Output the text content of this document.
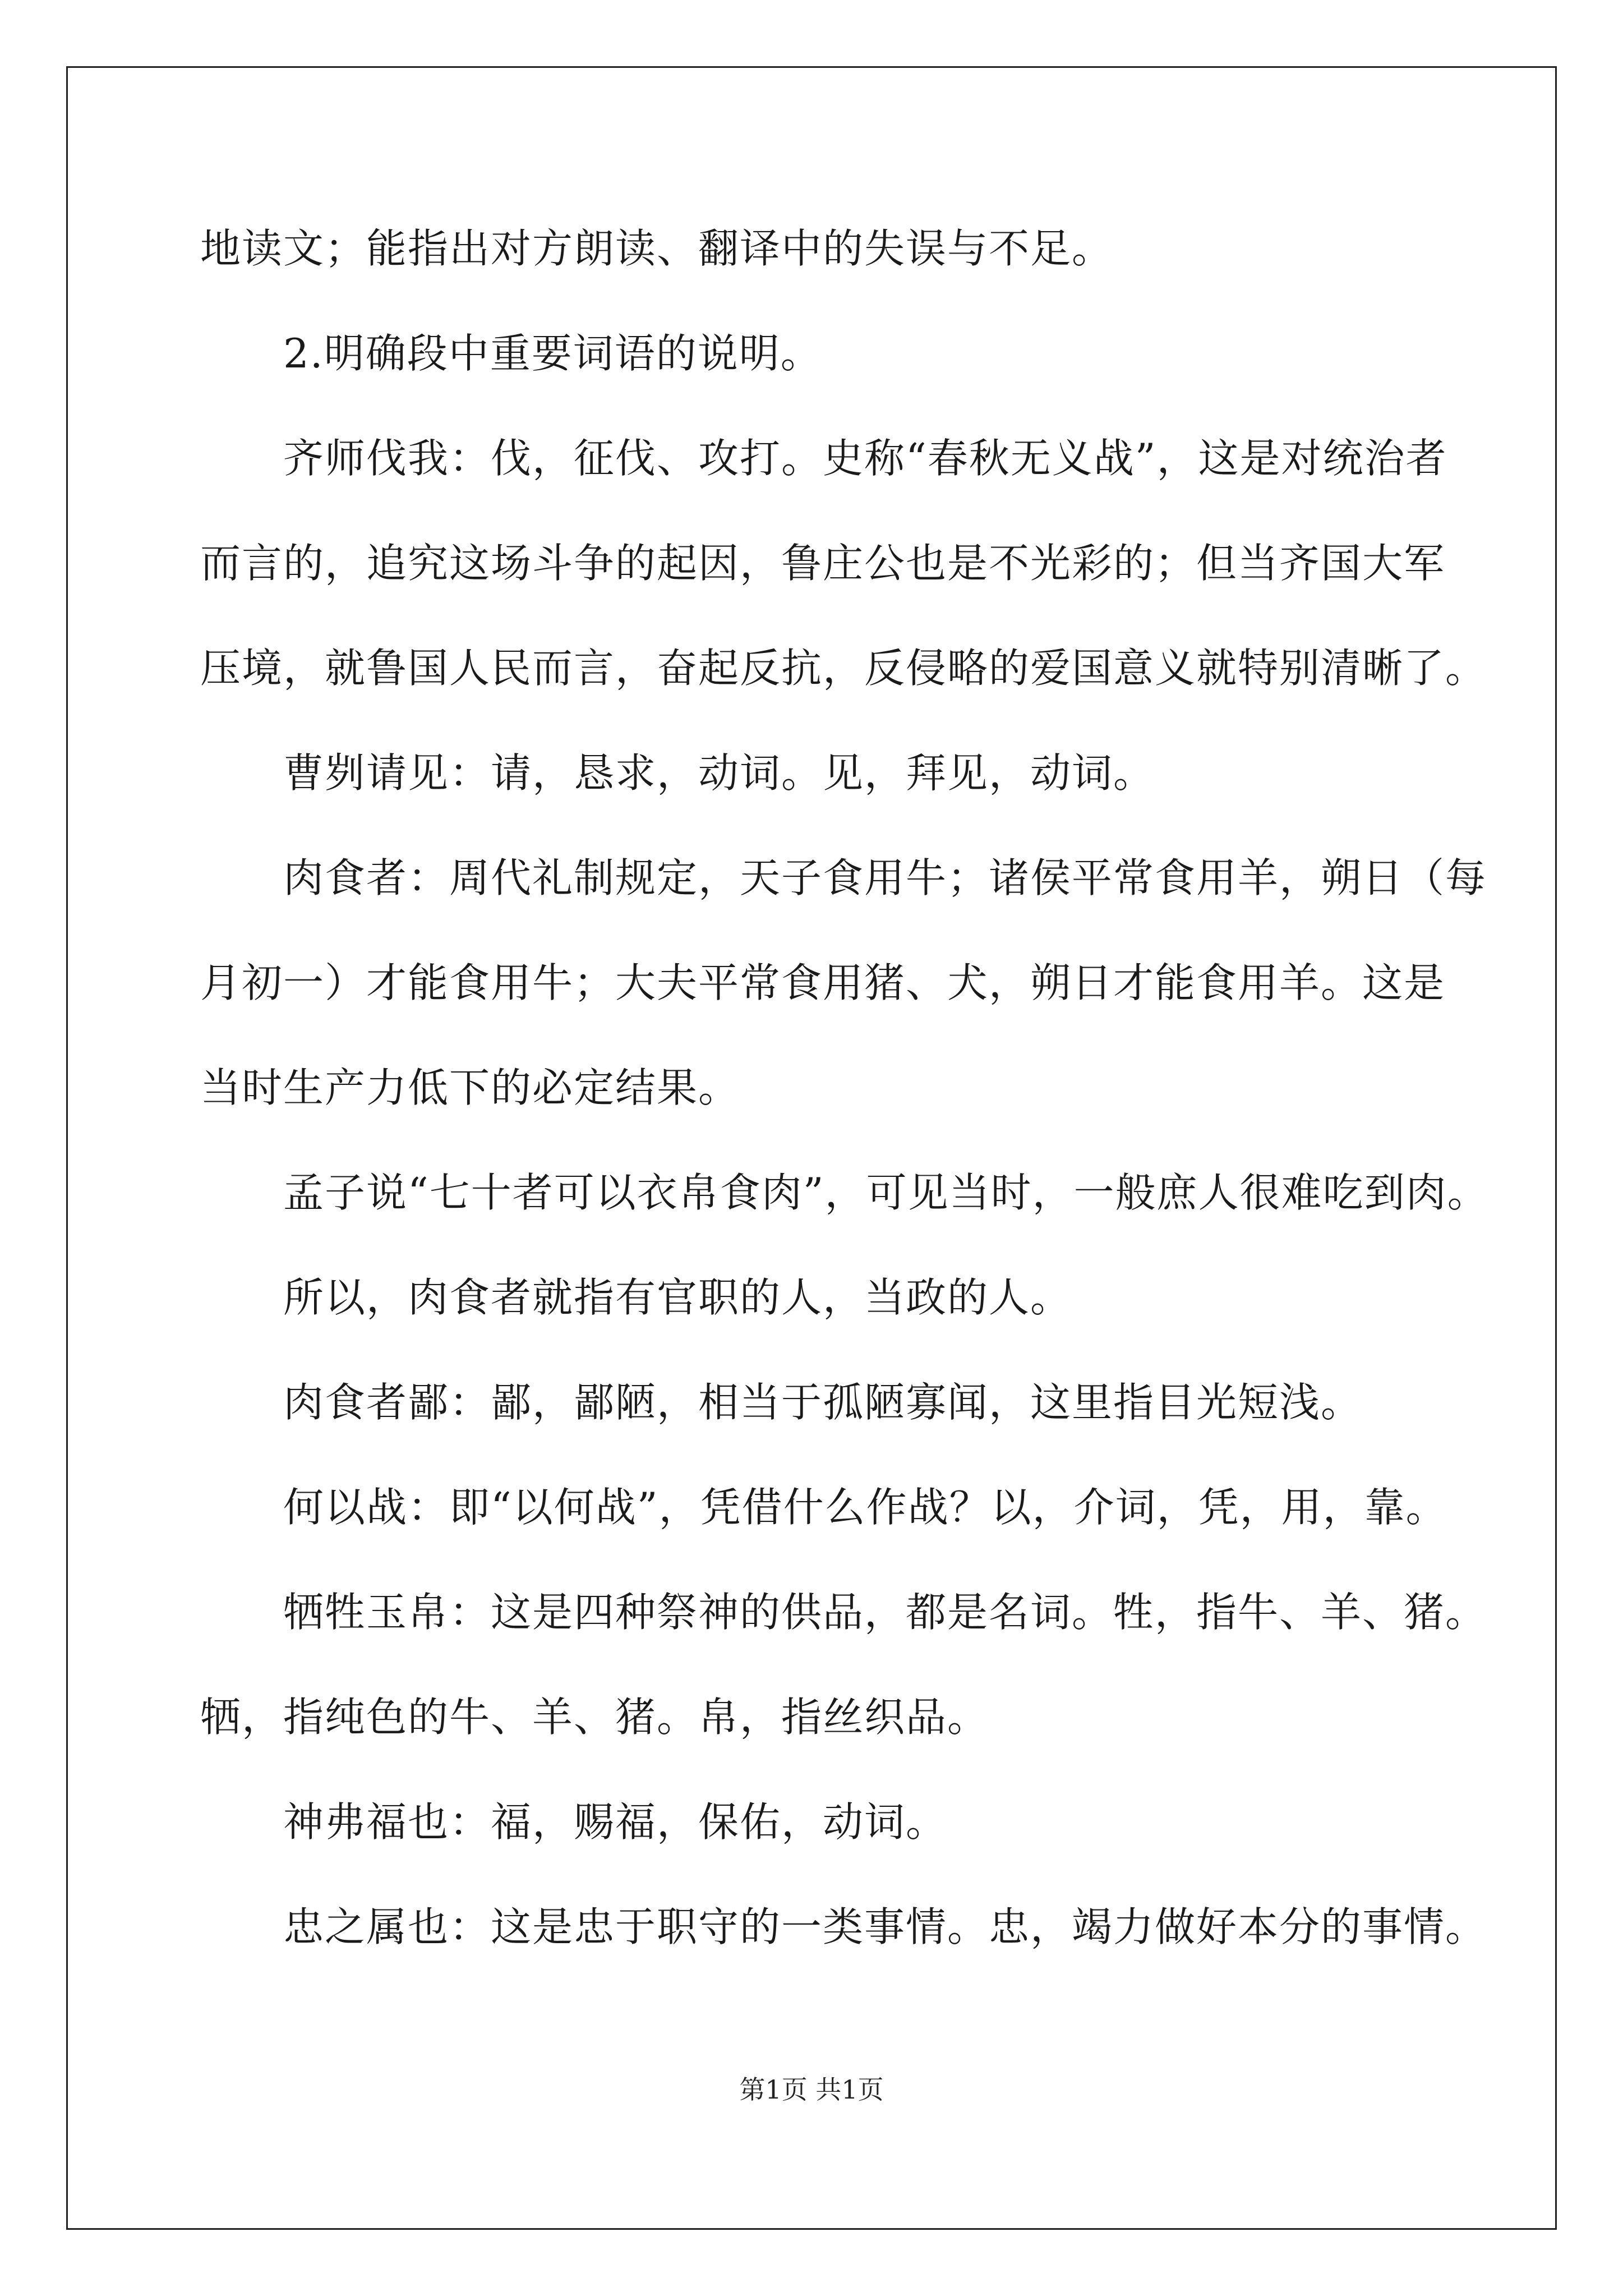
地读文；能指出对方朗读、翻译中的失误与不足。
2.明确段中重要词语的说明。
齐师伐我：伐，征伐、攻打。史称“春秋无义战”，这是对统治者
而言的，追究这场斗争的起因，鲁庄公也是不光彩的；但当齐国大军
压境，就鲁国人民而言，奋起反抗，反侵略的爱国意义就特别清晰了。
曹刿请见：请，恳求，动词。见，拜见，动词。
肉食者：周代礼制规定，天子食用牛；诸侯平常食用羊，朔日（每
月初一）才能食用牛；大夫平常食用猪、犬，朔日才能食用羊。这是
当时生产力低下的必定结果。
孟子说“七十者可以衣帛食肉”，可见当时，一般庶人很难吃到肉。
所以，肉食者就指有官职的人，当政的人。
肉食者鄙：鄙，鄙陋，相当于孤陋寡闻，这里指目光短浅。
何以战：即“以何战”，凭借什么作战？以，介词，凭，用，靠。
牺牲玉帛：这是四种祭神的供品，都是名词。牲，指牛、羊、猪。
牺，指纯色的牛、羊、猪。帛，指丝织品。
神弗福也：福，赐福，保佑，动词。
忠之属也：这是忠于职守的一类事情。忠，竭力做好本分的事情。
第1页 共1页
